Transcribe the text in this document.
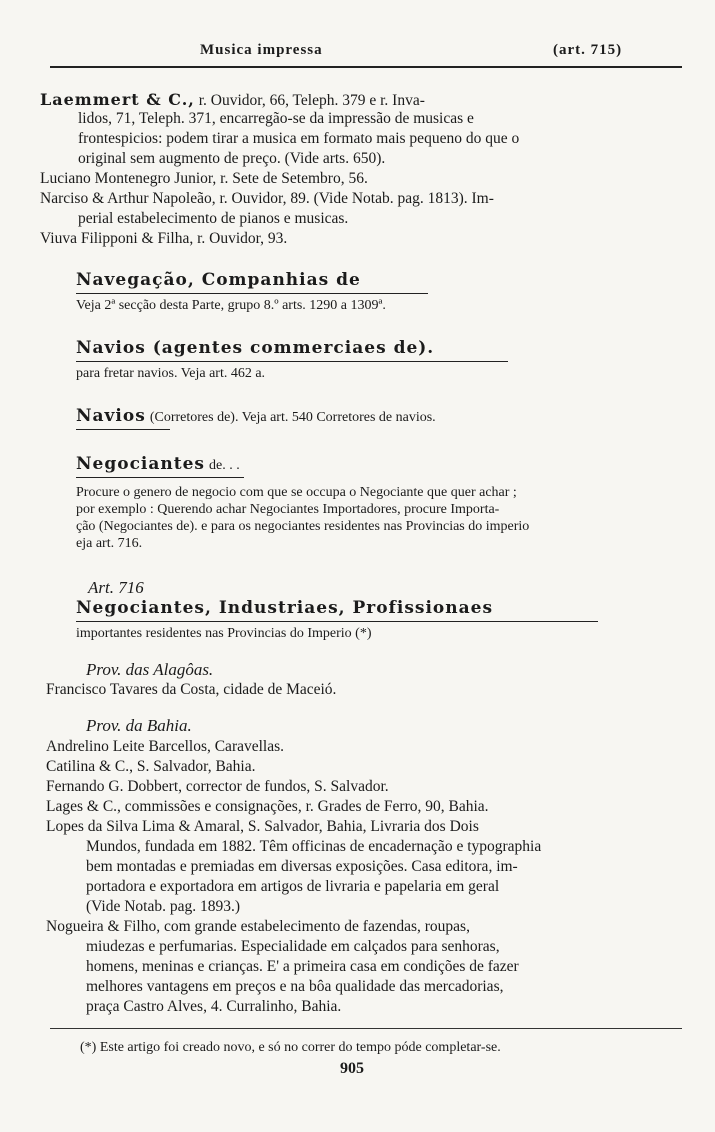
Musica impressa	(art. 715)
Laemmert & C., r. Ouvidor, 66, Teleph. 379 e r. Inva-
lidos, 71, Teleph. 371, encarregão-se da impressão de musicas e
frontespicios: podem tirar a musica em formato mais pequeno do que o
original sem augmento de preço. (Vide arts. 650).
Luciano Montenegro Junior, r. Sete de Setembro, 56.
Narciso & Arthur Napoleão, r. Ouvidor, 89. (Vide Notab. pag. 1813). Im-
perial estabelecimento de pianos e musicas.
Viuva Filipponi & Filha, r. Ouvidor, 93.
Navegação, Companhias de
Veja 2ª secção desta Parte, grupo 8.º arts. 1290 a 1309ª.
Navios (agentes commerciaes de).
para fretar navios. Veja art. 462 a.
Navios (Corretores de). Veja art. 540 Corretores de navios.
Negociantes de. . .
Procure o genero de negocio com que se occupa o Negociante que quer achar ;
por exemplo : Querendo achar Negociantes Importadores, procure Importa-
ção (Negociantes de). e para os negociantes residentes nas Provincias do imperio
eja art. 716.
Art. 716
Negociantes, Industriaes, Profissionaes
importantes residentes nas Provincias do Imperio (*)
Prov. das Alagôas.
Francisco Tavares da Costa, cidade de Maceió.
Prov. da Bahia.
Andrelino Leite Barcellos, Caravellas.
Catilina & C., S. Salvador, Bahia.
Fernando G. Dobbert, corrector de fundos, S. Salvador.
Lages & C., commissões e consignações, r. Grades de Ferro, 90, Bahia.
Lopes da Silva Lima & Amaral, S. Salvador, Bahia, Livraria dos Dois
Mundos, fundada em 1882. Têm officinas de encadernação e typographia
bem montadas e premiadas em diversas exposições. Casa editora, im-
portadora e exportadora em artigos de livraria e papelaria em geral
(Vide Notab. pag. 1893.)
Nogueira & Filho, com grande estabelecimento de fazendas, roupas,
miudezas e perfumarias. Especialidade em calçados para senhoras,
homens, meninas e crianças. E' a primeira casa em condições de fazer
melhores vantagens em preços e na bôa qualidade das mercadorias,
praça Castro Alves, 4. Curralinho, Bahia.
(*) Este artigo foi creado novo, e só no correr do tempo póde completar-se.
905
